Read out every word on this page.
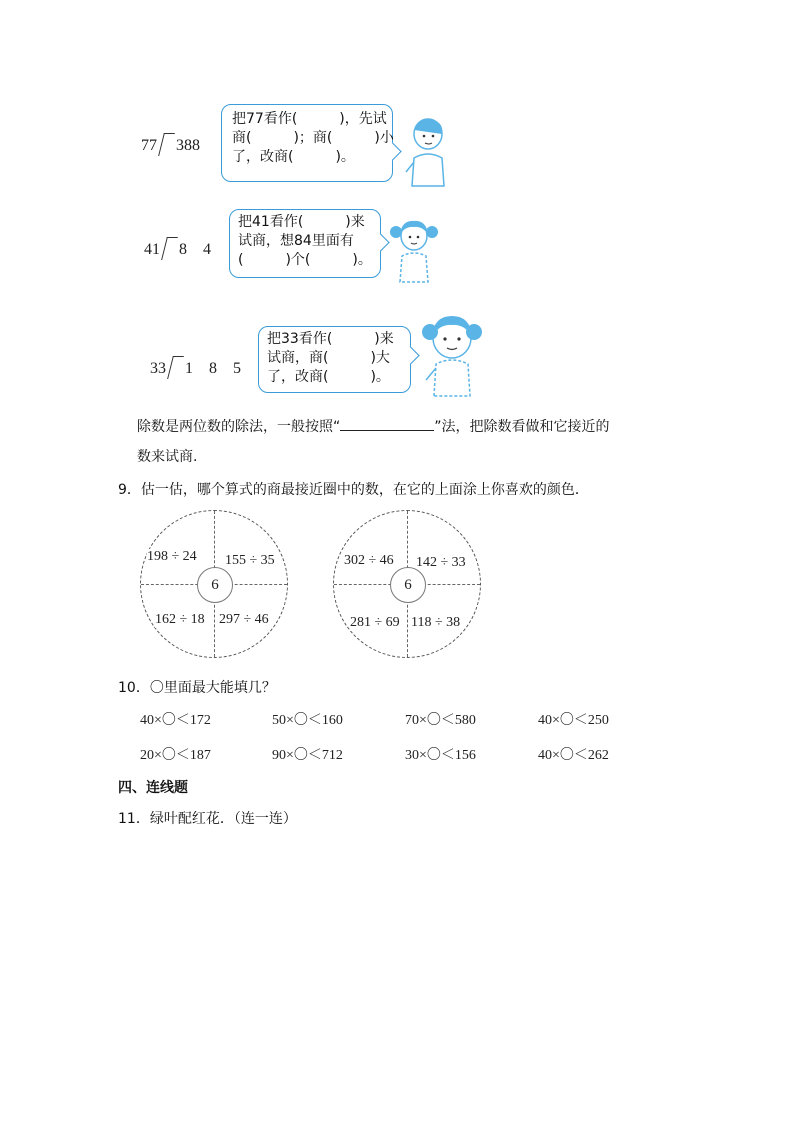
77 388
把77看作(　　　)，先试
商(　　　)；商(　　　)小
了，改商(　　　)。
41 8　4
把41看作(　　　)来
试商，想84里面有
(　　　)个(　　　)。
33 1　8　5
把33看作(　　　)来
试商，商(　　　)大
了，改商(　　　)。
除数是两位数的除法，一般按照“	”法，把除数看做和它接近的
数来试商.
9．估一估，哪个算式的商最接近圈中的数，在它的上面涂上你喜欢的颜色．
198 ÷ 24 155 ÷ 35
162 ÷ 18 297 ÷ 46
6
302 ÷ 46 142 ÷ 33
281 ÷ 69 118 ÷ 38
6
10．〇里面最大能填几？
40×〇＜172	50×〇＜160	70×〇＜580	40×〇＜250
20×〇＜187	90×〇＜712	30×〇＜156	40×〇＜262
四、连线题
11．绿叶配红花．（连一连）
